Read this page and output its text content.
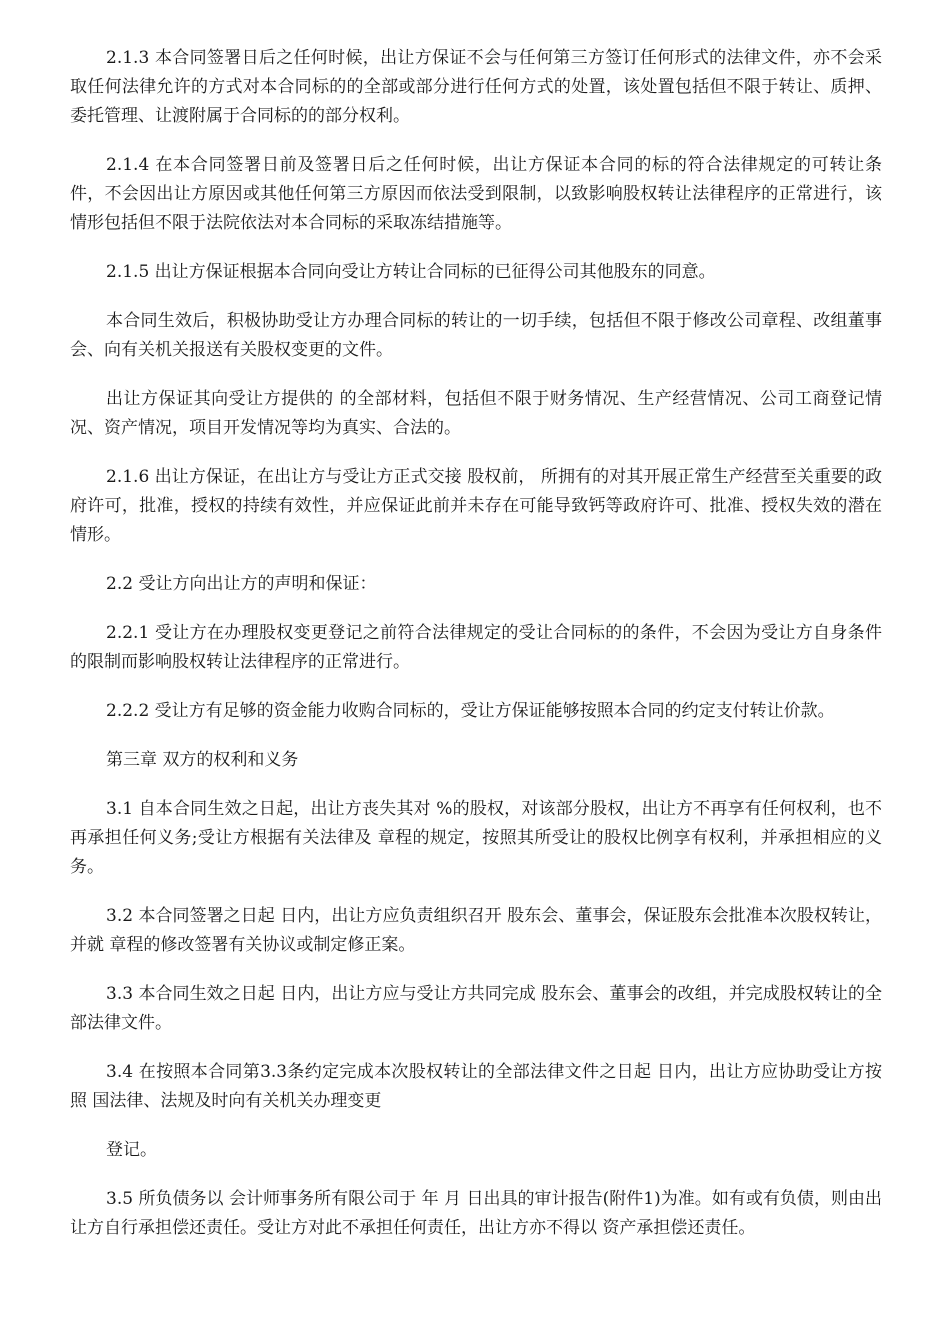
2.1.3 本合同签署日后之任何时候，出让方保证不会与任何第三方签订任何形式的法律文件，亦不会采取任何法律允许的方式对本合同标的的全部或部分进行任何方式的处置，该处置包括但不限于转让、质押、委托管理、让渡附属于合同标的的部分权利。

2.1.4 在本合同签署日前及签署日后之任何时候，出让方保证本合同的标的符合法律规定的可转让条件，不会因出让方原因或其他任何第三方原因而依法受到限制，以致影响股权转让法律程序的正常进行，该情形包括但不限于法院依法对本合同标的采取冻结措施等。

2.1.5 出让方保证根据本合同向受让方转让合同标的已征得公司其他股东的同意。

本合同生效后，积极协助受让方办理合同标的转让的一切手续，包括但不限于修改公司章程、改组董事会、向有关机关报送有关股权变更的文件。

出让方保证其向受让方提供的 的全部材料，包括但不限于财务情况、生产经营情况、公司工商登记情况、资产情况，项目开发情况等均为真实、合法的。

2.1.6 出让方保证，在出让方与受让方正式交接 股权前， 所拥有的对其开展正常生产经营至关重要的政府许可，批准，授权的持续有效性，并应保证此前并未存在可能导致钙等政府许可、批准、授权失效的潜在情形。

2.2 受让方向出让方的声明和保证：

2.2.1 受让方在办理股权变更登记之前符合法律规定的受让合同标的的条件，不会因为受让方自身条件的限制而影响股权转让法律程序的正常进行。

2.2.2 受让方有足够的资金能力收购合同标的，受让方保证能够按照本合同的约定支付转让价款。

第三章 双方的权利和义务

3.1 自本合同生效之日起，出让方丧失其对 %的股权，对该部分股权，出让方不再享有任何权利，也不再承担任何义务;受让方根据有关法律及 章程的规定，按照其所受让的股权比例享有权利，并承担相应的义务。

3.2 本合同签署之日起 日内，出让方应负责组织召开 股东会、董事会，保证股东会批准本次股权转让，并就 章程的修改签署有关协议或制定修正案。

3.3 本合同生效之日起 日内，出让方应与受让方共同完成 股东会、董事会的改组，并完成股权转让的全部法律文件。

3.4 在按照本合同第3.3条约定完成本次股权转让的全部法律文件之日起 日内，出让方应协助受让方按照 国法律、法规及时向有关机关办理变更

登记。

3.5 所负债务以 会计师事务所有限公司于 年 月 日出具的审计报告(附件1)为准。如有或有负债，则由出让方自行承担偿还责任。受让方对此不承担任何责任，出让方亦不得以 资产承担偿还责任。
